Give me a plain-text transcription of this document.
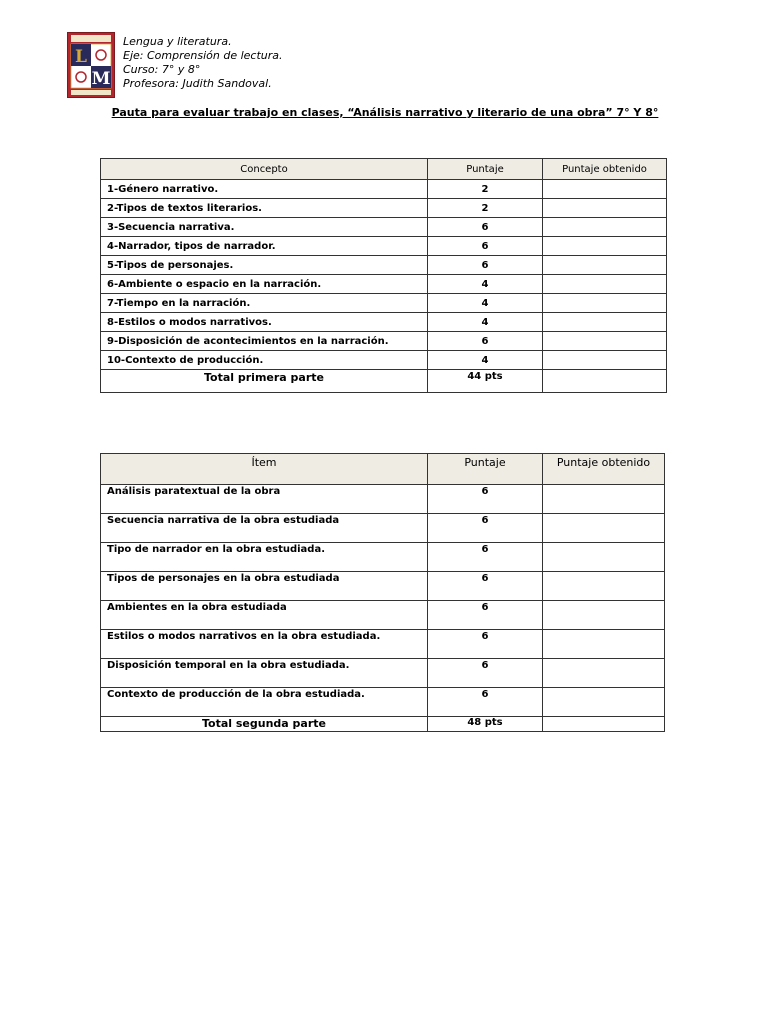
L
M
Lengua y literatura.
Eje: Comprensión de lectura.
Curso: 7° y 8°
Profesora: Judith Sandoval.
Pauta para evaluar trabajo en clases, “Análisis narrativo y literario de una obra” 7° Y 8°
Concepto	Puntaje	Puntaje obtenido
1-Género narrativo.	2	
2-Tipos de textos literarios.	2	
3-Secuencia narrativa.	6	
4-Narrador, tipos de narrador.	6	
5-Tipos de personajes.	6	
6-Ambiente o espacio en la narración.	4	
7-Tiempo en la narración.	4	
8-Estilos o modos narrativos.	4	
9-Disposición de acontecimientos en la narración.	6	
10-Contexto de producción.	4	
Total primera parte	44 pts	
Ítem	Puntaje	Puntaje obtenido
Análisis paratextual de la obra	6	
Secuencia narrativa de la obra estudiada	6	
Tipo de narrador en la obra estudiada.	6	
Tipos de personajes en la obra estudiada	6	
Ambientes en la obra estudiada	6	
Estilos o modos narrativos en la obra estudiada.	6	
Disposición temporal en la obra estudiada.	6	
Contexto de producción de la obra estudiada.	6	
Total segunda parte	48 pts	
